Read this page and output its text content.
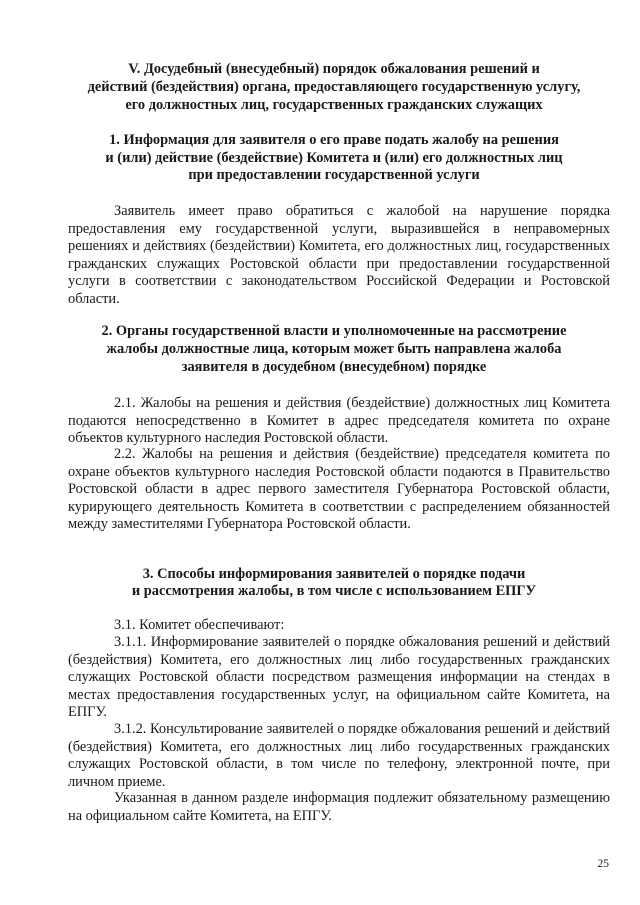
V. Досудебный (внесудебный) порядок обжалования решений и

действий (бездействия) органа, предоставляющего государственную услугу,

его должностных лиц, государственных гражданских служащих

1. Информация для заявителя о его праве подать жалобу на решения

и (или) действие (бездействие) Комитета и (или) его должностных лиц

при предоставлении государственной услуги

Заявитель имеет право обратиться с жалобой на нарушение порядка предоставления ему государственной услуги, выразившейся в неправомерных решениях и действиях (бездействии) Комитета, его должностных лиц, государственных гражданских служащих Ростовской области при предоставлении государственной услуги в соответствии с законодательством Российской Федерации и Ростовской области.

2. Органы государственной власти и уполномоченные на рассмотрение

жалобы должностные лица, которым может быть направлена жалоба

заявителя в досудебном (внесудебном) порядке

2.1. Жалобы на решения и действия (бездействие) должностных лиц Комитета подаются непосредственно в Комитет в адрес председателя комитета по охране объектов культурного наследия Ростовской области.

2.2. Жалобы на решения и действия (бездействие) председателя комитета по охране объектов культурного наследия Ростовской области подаются в Правительство Ростовской области в адрес первого заместителя Губернатора Ростовской области, курирующего деятельность Комитета в соответствии с распределением обязанностей между заместителями Губернатора Ростовской области.

3. Способы информирования заявителей о порядке подачи

и рассмотрения жалобы, в том числе с использованием ЕПГУ

3.1. Комитет обеспечивают:

3.1.1. Информирование заявителей о порядке обжалования решений и действий (бездействия) Комитета, его должностных лиц либо государственных гражданских служащих Ростовской области посредством размещения информации на стендах в местах предоставления государственных услуг, на официальном сайте Комитета, на ЕПГУ.

3.1.2. Консультирование заявителей о порядке обжалования решений и действий (бездействия) Комитета, его должностных лиц либо государственных гражданских служащих Ростовской области, в том числе по телефону, электронной почте, при личном приеме.

Указанная в данном разделе информация подлежит обязательному размещению на официальном сайте Комитета, на ЕПГУ.

25
